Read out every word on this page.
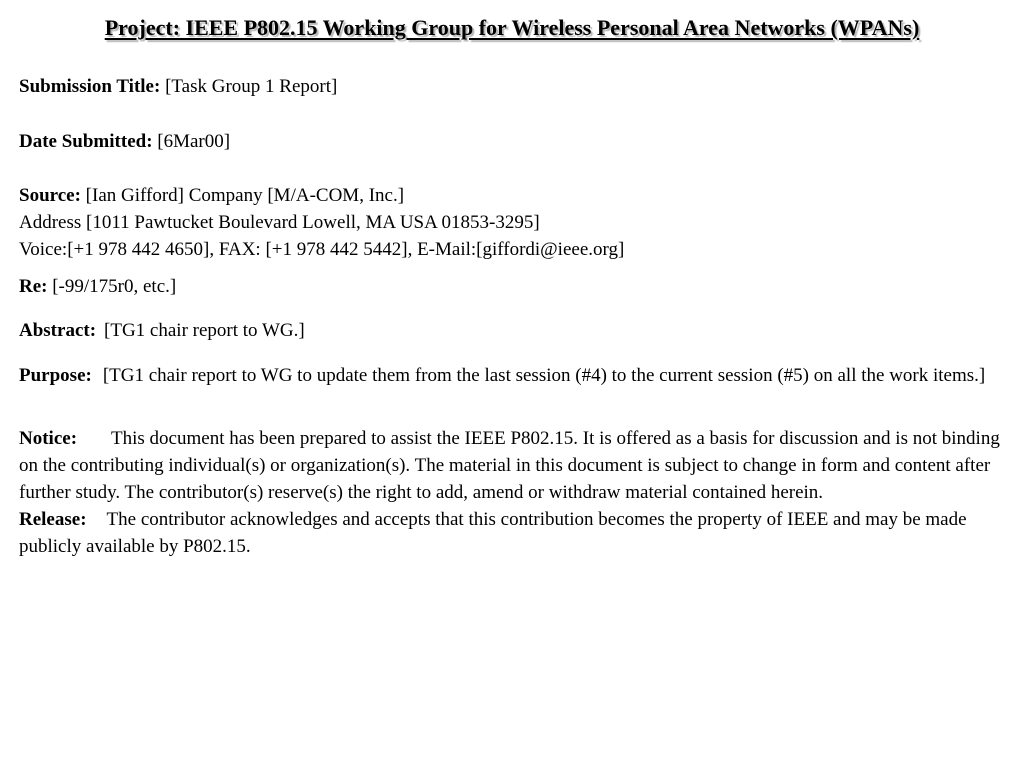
Project: IEEE P802.15 Working Group for Wireless Personal Area Networks (WPANs)
Submission Title: [Task Group 1 Report]
Date Submitted: [6Mar00]
Source: [Ian Gifford] Company [M/A-COM, Inc.]
Address [1011 Pawtucket Boulevard Lowell, MA USA 01853-3295]
Voice:[+1 978 442 4650], FAX: [+1 978 442 5442], E-Mail:[giffordi@ieee.org]
Re: [-99/175r0, etc.]
Abstract: [TG1 chair report to WG.]
Purpose: [TG1 chair report to WG to update them from the last session (#4) to the current session (#5) on all the work items.]
Notice: This document has been prepared to assist the IEEE P802.15. It is offered as a basis for discussion and is not binding on the contributing individual(s) or organization(s). The material in this document is subject to change in form and content after further study. The contributor(s) reserve(s) the right to add, amend or withdraw material contained herein.
Release: The contributor acknowledges and accepts that this contribution becomes the property of IEEE and may be made publicly available by P802.15.
